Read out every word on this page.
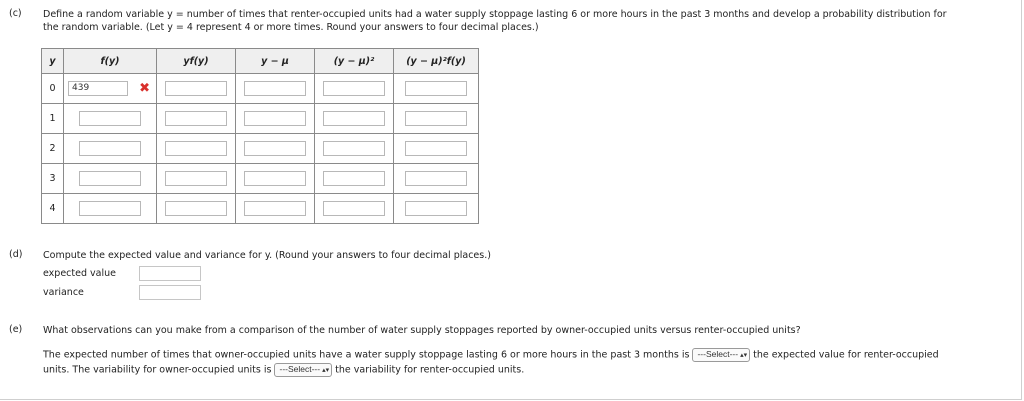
(c) Define a random variable y = number of times that renter-occupied units had a water supply stoppage lasting 6 or more hours in the past 3 months and develop a probability distribution for
the random variable. (Let y = 4 represent 4 or more times. Round your answers to four decimal places.)
y	f(y)	yf(y)	y − μ	(y − μ)²	(y − μ)²f(y)
0	439 ✖				

1	

2	

3	

4	

(d) Compute the expected value and variance for y. (Round your answers to four decimal places.)
expected value
variance
(e) What observations can you make from a comparison of the number of water supply stoppages reported by owner-occupied units versus renter-occupied units?
The expected number of times that owner-occupied units have a water supply stoppage lasting 6 or more hours in the past 3 months is ---Select--- ▴▾ the expected value for renter-occupied
units. The variability for owner-occupied units is ---Select--- ▴▾ the variability for renter-occupied units.
